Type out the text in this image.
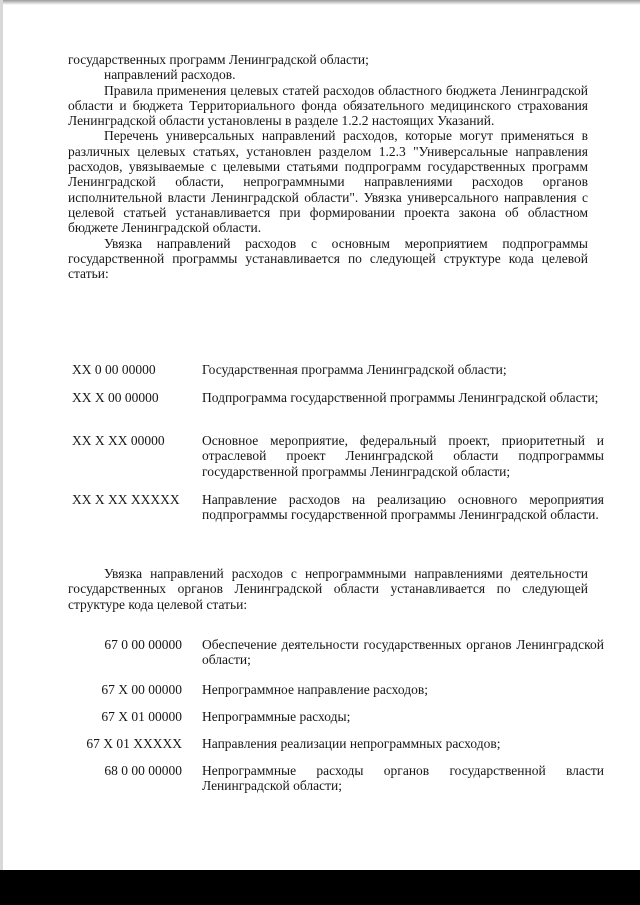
государственных программ Ленинградской области;

направлений расходов.

Правила применения целевых статей расходов областного бюджета Ленинградской области и бюджета Территориального фонда обязательного медицинского страхования Ленинградской области установлены в разделе 1.2.2 настоящих Указаний.

Перечень универсальных направлений расходов, которые могут применяться в различных целевых статьях, установлен разделом 1.2.3 "Универсальные направления расходов, увязываемые с целевыми статьями подпрограмм государственных программ Ленинградской области, непрограммными направлениями расходов органов исполнительной власти Ленинградской области". Увязка универсального направления с целевой статьей устанавливается при формировании проекта закона об областном бюджете Ленинградской области.

Увязка направлений расходов с основным мероприятием подпрограммы государственной программы устанавливается по следующей структуре кода целевой статьи:

XX 0 00 00000	Государственная программа Ленинградской области;
XX X 00 00000	Подпрограмма государственной программы Ленинградской области;
XX X XX 00000	Основное мероприятие, федеральный проект, приоритетный и отраслевой проект Ленинградской области подпрограммы государственной программы Ленинградской области;
XX X XX XXXXX Направление расходов на реализацию основного мероприятия подпрограммы государственной программы Ленинградской области.

Увязка направлений расходов с непрограммными направлениями деятельности государственных органов Ленинградской области устанавливается по следующей структуре кода целевой статьи:

67 0 00 00000 Обеспечение деятельности государственных органов Ленинградской области;
67 X 00 00000 Непрограммное направление расходов;
67 X 01 00000 Непрограммные расходы;
67 X 01 XXXXX Направления реализации непрограммных расходов;
68 0 00 00000 Непрограммные расходы органов государственной власти Ленинградской области;
